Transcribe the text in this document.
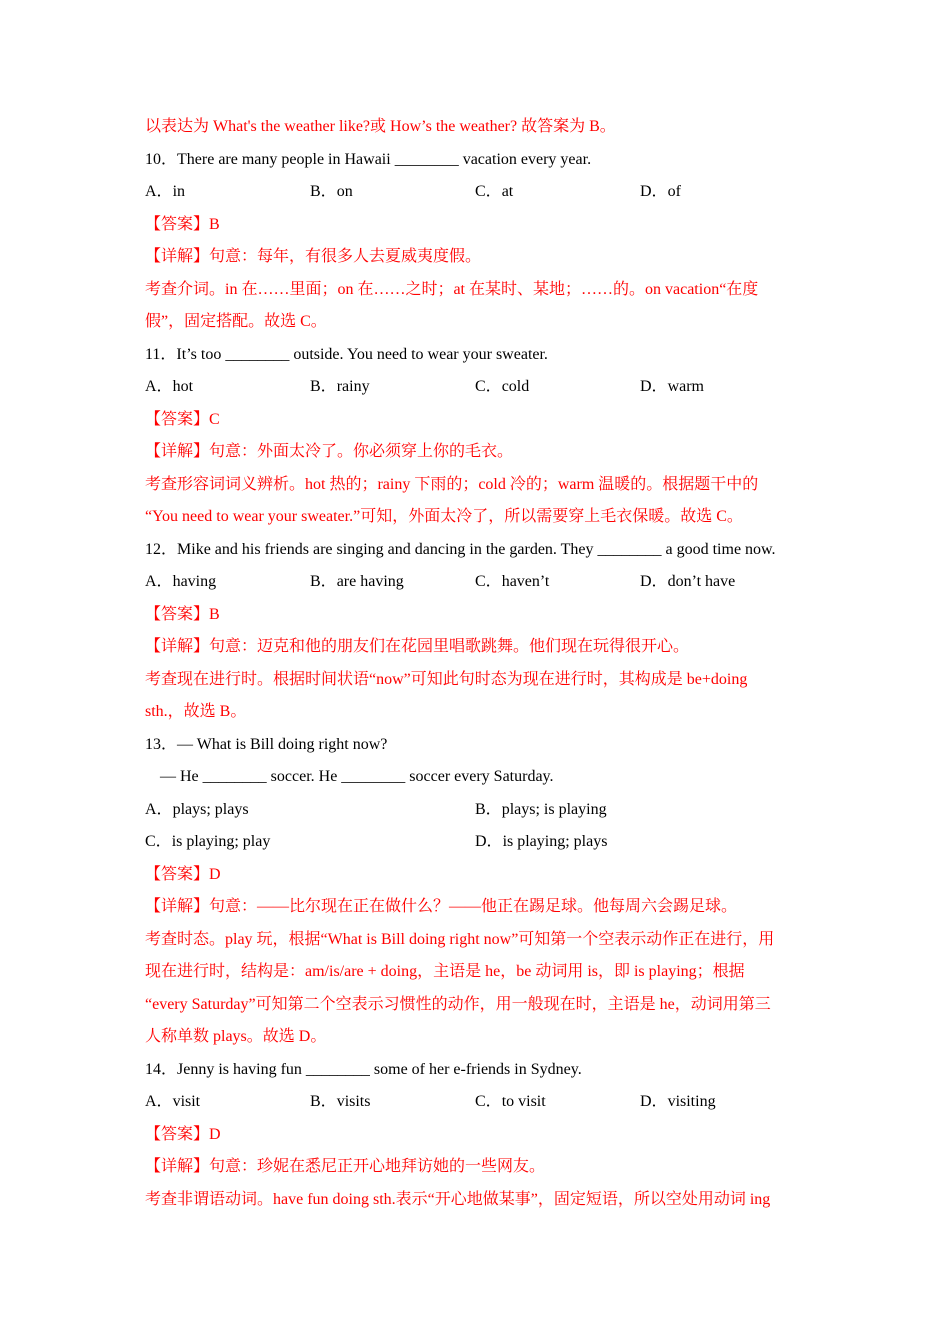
以表达为 What's the weather like?或 How’s the weather? 故答案为 B。
10．There are many people in Hawaii ________ vacation every year.
A．in	B．on	C．at	D．of
【答案】B
【详解】句意：每年，有很多人去夏威夷度假。
考查介词。in 在……里面；on 在……之时；at 在某时、某地；……的。on vacation“在度
假”，固定搭配。故选 C。
11．It’s too ________ outside. You need to wear your sweater.
A．hot	B．rainy	C．cold	D．warm
【答案】C
【详解】句意：外面太冷了。你必须穿上你的毛衣。
考查形容词词义辨析。hot 热的；rainy 下雨的；cold 冷的；warm 温暖的。根据题干中的
“You need to wear your sweater.”可知，外面太冷了，所以需要穿上毛衣保暖。故选 C。
12．Mike and his friends are singing and dancing in the garden. They ________ a good time now.
A．having	B．are having	C．haven’t	D．don’t have
【答案】B
【详解】句意：迈克和他的朋友们在花园里唱歌跳舞。他们现在玩得很开心。
考查现在进行时。根据时间状语“now”可知此句时态为现在进行时，其构成是 be+doing
sth.，故选 B。
13．— What is Bill doing right now?
— He ________ soccer. He ________ soccer every Saturday.
A．plays; plays	B．plays; is playing
C．is playing; play	D．is playing; plays
【答案】D
【详解】句意：——比尔现在正在做什么？——他正在踢足球。他每周六会踢足球。
考查时态。play 玩，根据“What is Bill doing right now”可知第一个空表示动作正在进行，用
现在进行时，结构是：am/is/are + doing，主语是 he，be 动词用 is，即 is playing；根据
“every Saturday”可知第二个空表示习惯性的动作，用一般现在时，主语是 he，动词用第三
人称单数 plays。故选 D。
14．Jenny is having fun ________ some of her e-friends in Sydney.
A．visit	B．visits	C．to visit	D．visiting
【答案】D
【详解】句意：珍妮在悉尼正开心地拜访她的一些网友。
考查非谓语动词。have fun doing sth.表示“开心地做某事”，固定短语，所以空处用动词 ing
